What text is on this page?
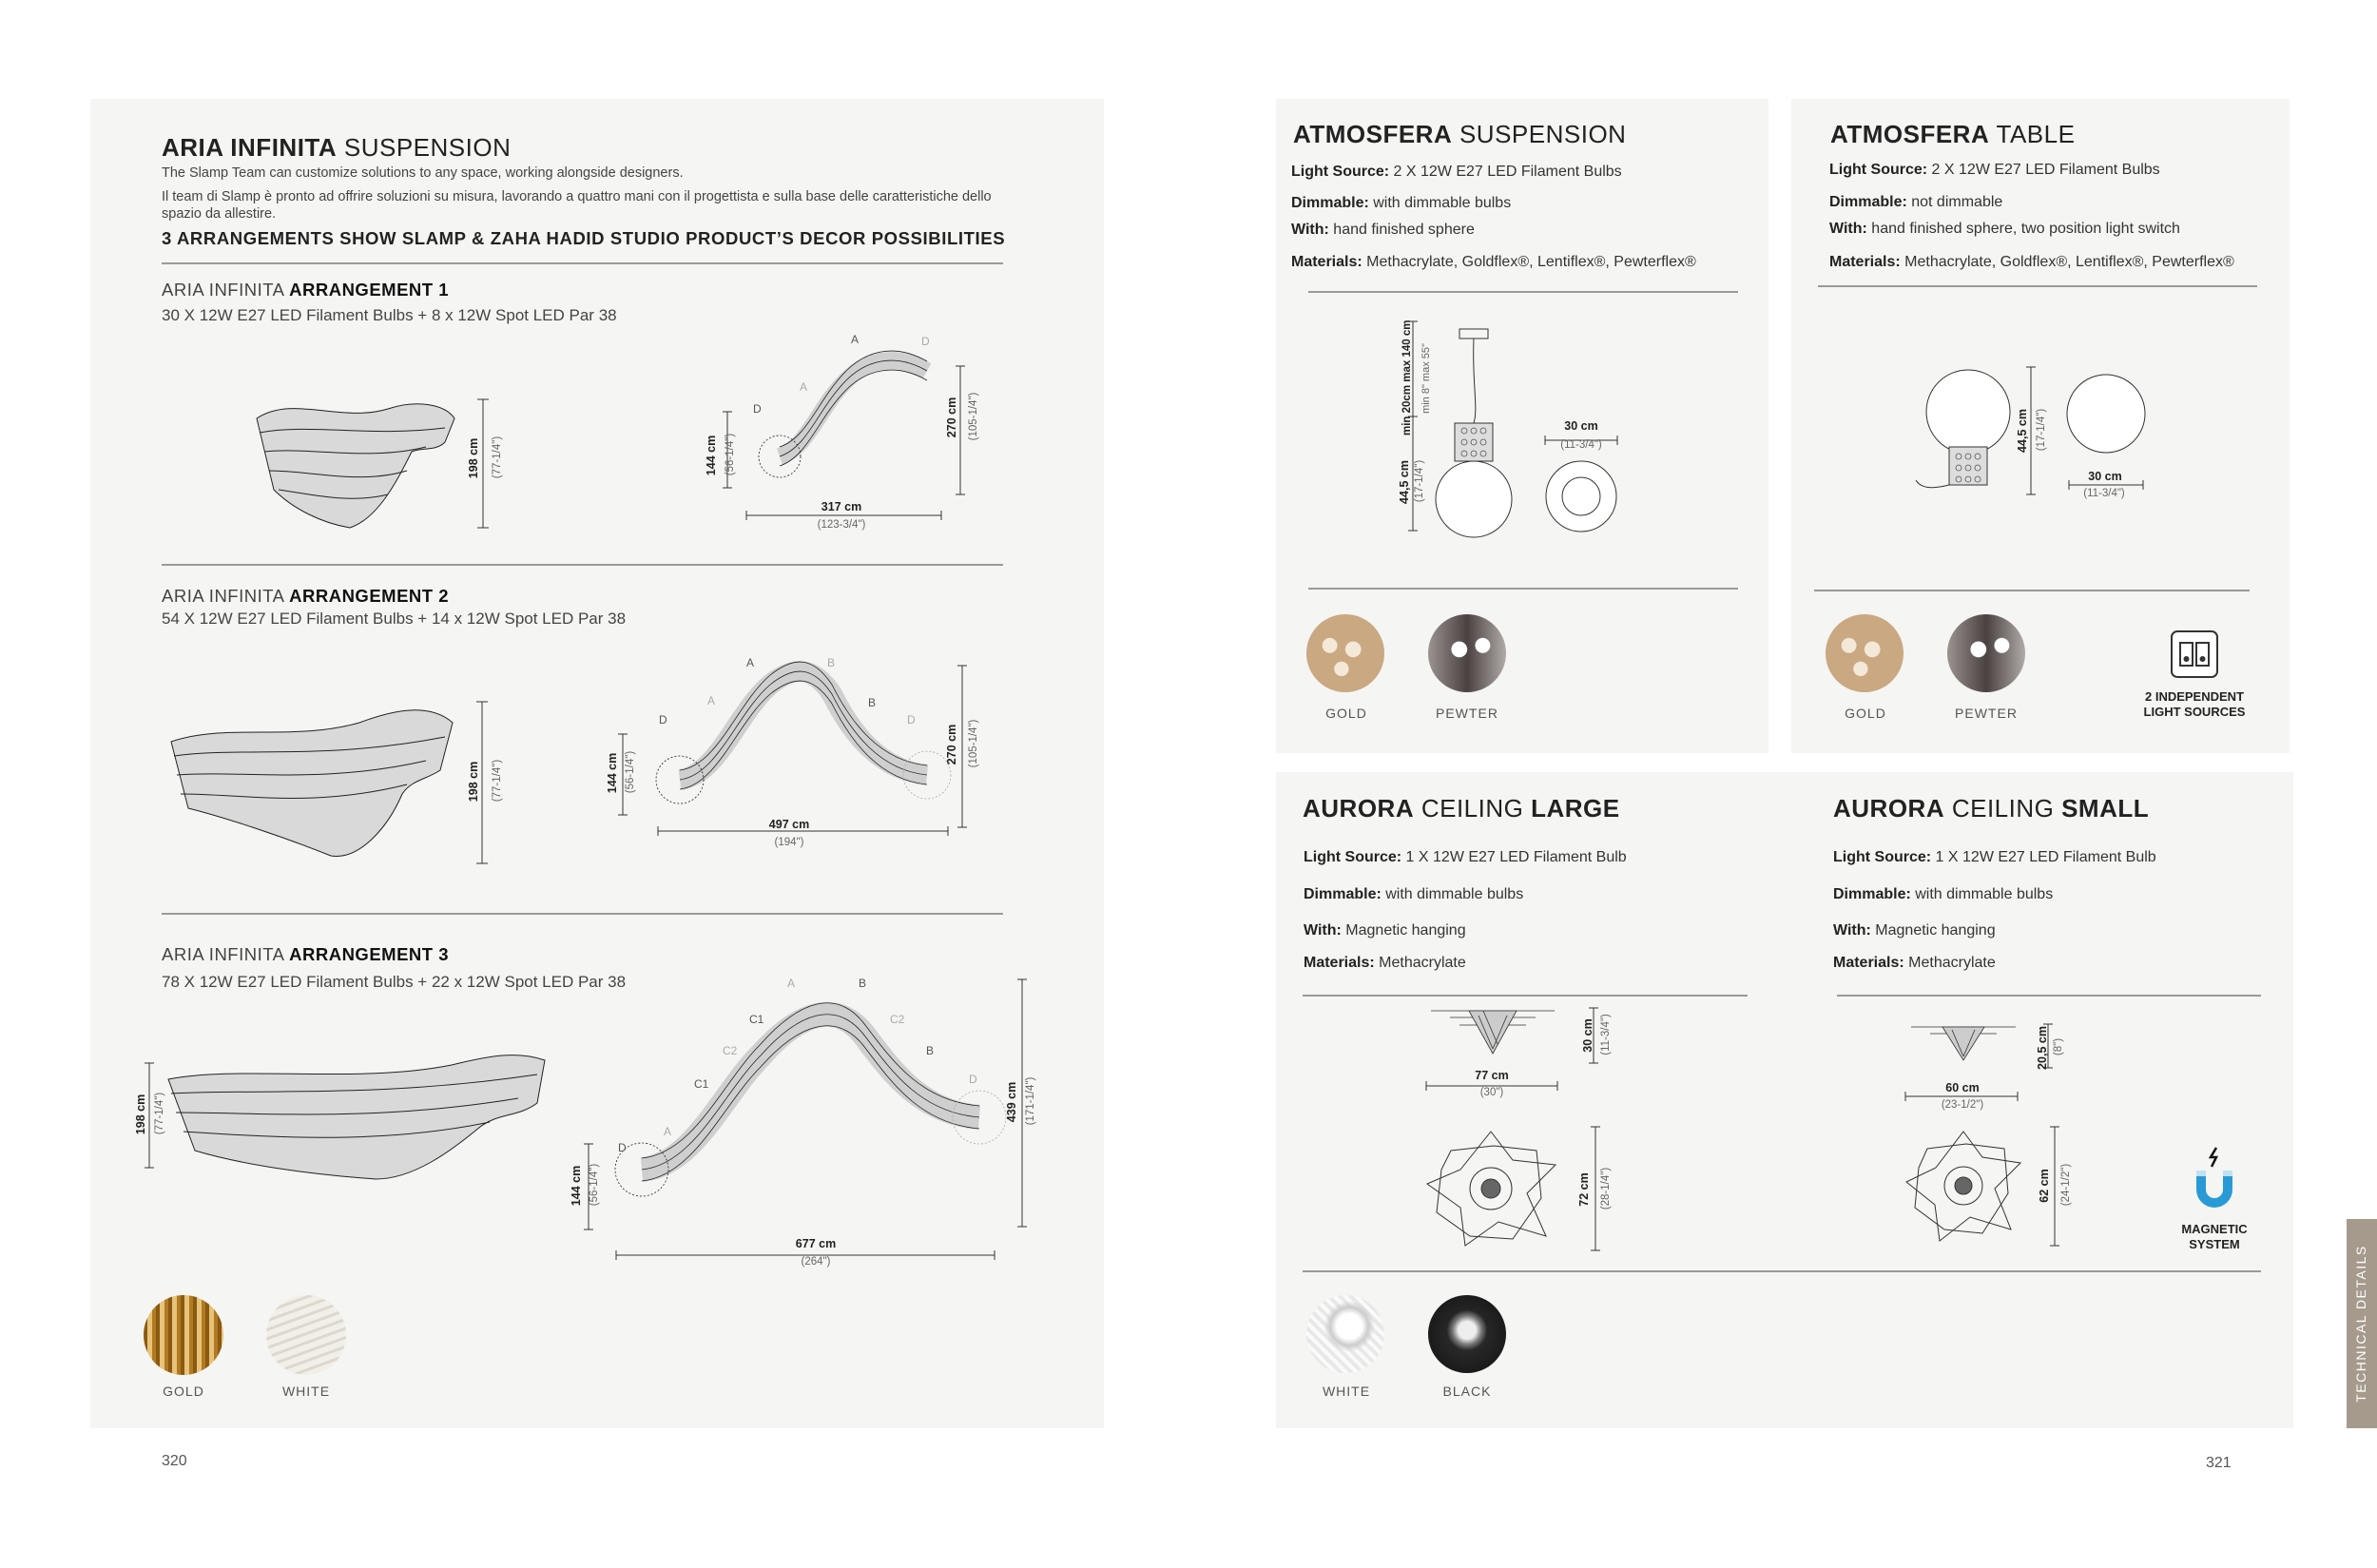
ARIA INFINITA SUSPENSION
The Slamp Team can customize solutions to any space, working alongside designers.
Il team di Slamp è pronto ad offrire soluzioni su misura, lavorando a quattro mani con il progettista e sulla base delle caratteristiche dello spazio da allestire.
3 ARRANGEMENTS SHOW SLAMP & ZAHA HADID STUDIO PRODUCT’S DECOR POSSIBILITIES
ARIA INFINITA ARRANGEMENT 1
30 X 12W E27 LED Filament Bulbs + 8 x 12W Spot LED Par 38
198 cm (77-1/4")
A
D
A
D
144 cm (56-1/4")
317 cm
(123-3/4")
270 cm (105-1/4")
ARIA INFINITA ARRANGEMENT 2
54 X 12W E27 LED Filament Bulbs + 14 x 12W Spot LED Par 38
198 cm (77-1/4")
A	B
A
D
B
D
144 cm (56-1/4")
497 cm
(194")
270 cm (105-1/4")
ARIA INFINITA ARRANGEMENT 3
78 X 12W E27 LED Filament Bulbs + 22 x 12W Spot LED Par 38
198 cm (77-1/4")
A	B
C1	C2
C2	B
C1
A
D
D
144 cm (56-1/4")
677 cm
(264")
439 cm (171-1/4")
GOLD	WHITE
320
ATMOSFERA SUSPENSION
Light Source: 2 X 12W E27 LED Filament Bulbs
Dimmable: with dimmable bulbs
With: hand finished sphere
Materials: Methacrylate, Goldflex®, Lentiflex®, Pewterflex®
min 20cm max 140 cm min 8" max 55"
44,5 cm (17-1/4")
30 cm
(11-3/4")
GOLD	PEWTER
ATMOSFERA TABLE
Light Source: 2 X 12W E27 LED Filament Bulbs
Dimmable: not dimmable
With: hand finished sphere, two position light switch
Materials: Methacrylate, Goldflex®, Lentiflex®, Pewterflex®
44,5 cm (17-1/4")
30 cm
(11-3/4")
GOLD	PEWTER
2 INDEPENDENT
LIGHT SOURCES
AURORA CEILING LARGE
Light Source: 1 X 12W E27 LED Filament Bulb
Dimmable: with dimmable bulbs
With: Magnetic hanging
Materials: Methacrylate
AURORA CEILING SMALL
Light Source: 1 X 12W E27 LED Filament Bulb
Dimmable: with dimmable bulbs
With: Magnetic hanging
Materials: Methacrylate
30 cm (11-3/4")
77 cm
(30")
72 cm (28-1/4")
20,5 cm (8")
60 cm
(23-1/2")
62 cm (24-1/2")
MAGNETIC
SYSTEM
WHITE	BLACK	TECHNICAL DETAILS
321
